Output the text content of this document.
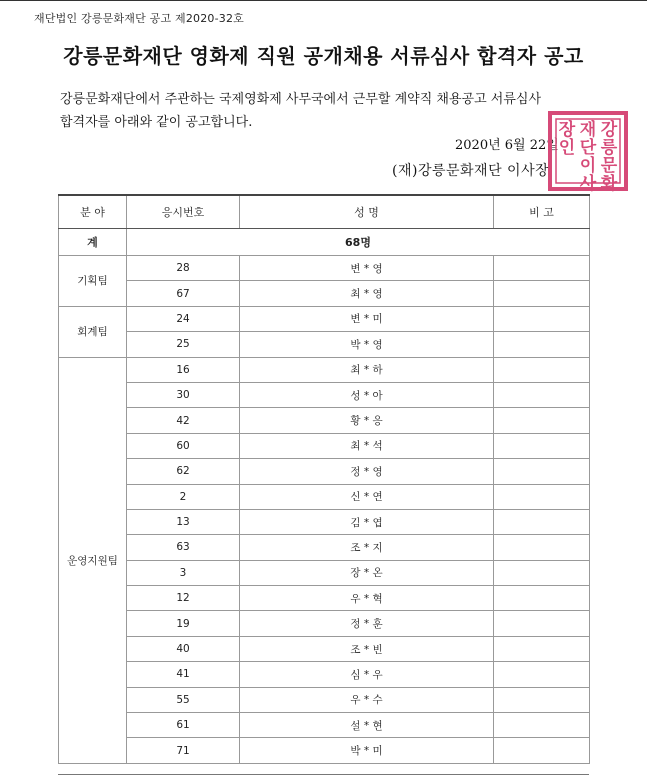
재단법인 강릉문화재단 공고 제2020-32호
강릉문화재단 영화제 직원 공개채용 서류심사 합격자 공고
강릉문화재단에서 주관하는 국제영화제 사무국에서 근무할 계약직 채용공고 서류심사
합격자를 아래와 같이 공고합니다.
2020년 6월 22일
(재)강릉문화재단 이사장
강
릉
문
화
재
단
이
사
장
인
분 야	응시번호	성 명	비 고
계	68명		
기획팀	28	변 * 영	
	67	최 * 영	
회계팀	24	변 * 미	
	25	박 * 영	
운영지원팀	16	최 * 하	
	30	성 * 아	
	42	황 * 응	
	60	최 * 석	
	62	정 * 영	
	2	신 * 연	
	13	김 * 엽	
	63	조 * 지	
	3	장 * 온	
	12	우 * 혁	
	19	정 * 훈	
	40	조 * 빈	
	41	심 * 우	
	55	우 * 수	
	61	설 * 현	
	71	박 * 미	
